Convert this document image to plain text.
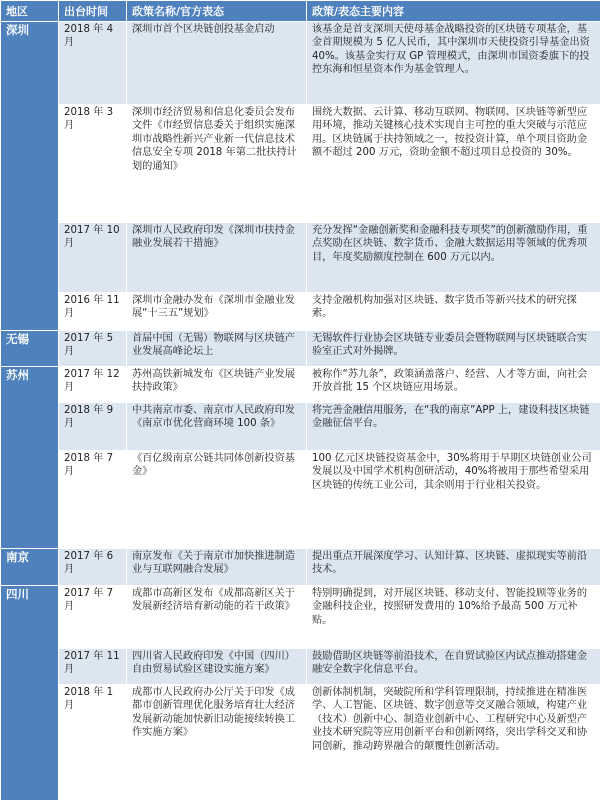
地区	出台时间	政策名称/官方表态	政策/表态主要内容
深圳	2018 年 4 月	深圳市首个区块链创投基金启动	该基金是首支深圳天使母基金战略投资的区块链专项基金，基金首期规模为 5 亿人民币，其中深圳市天使投资引导基金出资 40%。该基金实行双 GP 管理模式，由深圳市国资委旗下的投控东海和恒星资本作为基金管理人。
	2018 年 3 月	深圳市经济贸易和信息化委员会发布文件《市经贸信息委关于组织实施深圳市战略性新兴产业新一代信息技术信息安全专项 2018 年第二批扶持计划的通知》	围绕大数据、云计算、移动互联网、物联网、区块链等新型应用环境，推动关键核心技术实现自主可控的重大突破与示范应用。区块链属于扶持领域之一，按投资计算，单个项目资助金额不超过 200 万元，资助金额不超过项目总投资的 30%。
	2017 年 10 月	深圳市人民政府印发《深圳市扶持金融业发展若干措施》	充分发挥“金融创新奖和金融科技专项奖”的创新激励作用，重点奖励在区块链、数字货币、金融大数据运用等领域的优秀项目，年度奖励额度控制在 600 万元以内。
	2016 年 11 月	深圳市金融办发布《深圳市金融业发展“十三五”规划》	支持金融机构加强对区块链、数字货币等新兴技术的研究探索。
无锡	2017 年 5 月	首届中国（无锡）物联网与区块链产业发展高峰论坛上	无锡软件行业协会区块链专业委员会暨物联网与区块链联合实验室正式对外揭牌。
苏州	2017 年 12 月	苏州高铁新城发布《区块链产业发展扶持政策》	被称作“苏九条”，政策涵盖落户、经营、人才等方面，向社会开放首批 15 个区块链应用场景。
	2018 年 9 月	中共南京市委、南京市人民政府印发《南京市优化营商环境 100 条》	将完善金融信用服务，在“我的南京”APP 上，建设科技区块链金融征信平台。
	2018 年 7 月	《百亿级南京公链共同体创新投资基金》	100 亿元区块链投资基金中，30%将用于早期区块链创业公司发展以及中国学术机构创研活动，40%将被用于那些希望采用区块链的传统工业公司，其余则用于行业相关投资。
南京	2017 年 6 月	南京发布《关于南京市加快推进制造业与互联网融合发展》	提出重点开展深度学习、认知计算、区块链、虚拟现实等前沿技术。
四川	2017 年 7 月	成都市高新区发布《成都高新区关于发展新经济培育新动能的若干政策》	特别明确提到，对开展区块链、移动支付、智能投顾等业务的金融科技企业，按照研发费用的 10%给予最高 500 万元补贴。
	2017 年 11 月	四川省人民政府印发《中国（四川）自由贸易试验区建设实施方案》	鼓励借助区块链等前沿技术，在自贸试验区内试点推动搭建金融安全数字化信息平台。
	2018 年 1 月	成都市人民政府办公厅关于印发《成都市创新管理优化服务培育壮大经济发展新动能加快新旧动能接续转换工作实施方案》	创新体制机制，突破院所和学科管理限制，持续推进在精准医学、人工智能、区块链、数字创意等交叉融合领域，构建产业（技术）创新中心、制造业创新中心、工程研究中心及新型产业技术研究院等应用创新平台和创新网络，突出学科交叉和协同创新，推动跨界融合的颠覆性创新活动。
